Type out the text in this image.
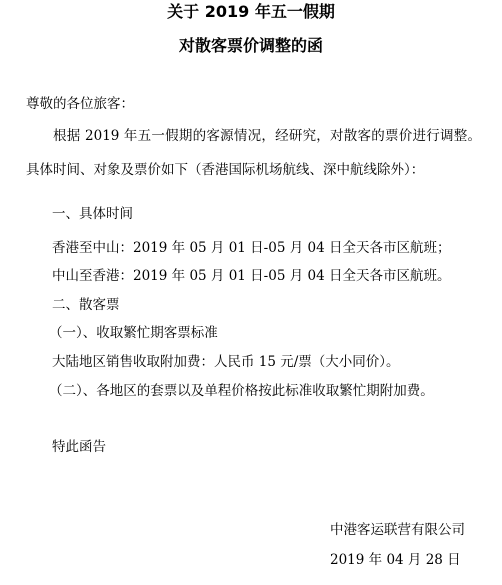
关于 2019 年五一假期
对散客票价调整的函
尊敬的各位旅客：

根据 2019 年五一假期的客源情况，经研究，对散客的票价进行调整。具体时间、对象及票价如下（香港国际机场航线、深中航线除外）：

一、具体时间
香港至中山：2019 年 05 月 01 日-05 月 04 日全天各市区航班；
中山至香港：2019 年 05 月 01 日-05 月 04 日全天各市区航班。
二、散客票
（一）、收取繁忙期客票标准
大陆地区销售收取附加费：人民币 15 元/票（大小同价）。
（二）、各地区的套票以及单程价格按此标准收取繁忙期附加费。
特此函告
中港客运联营有限公司
2019 年 04 月 28 日
